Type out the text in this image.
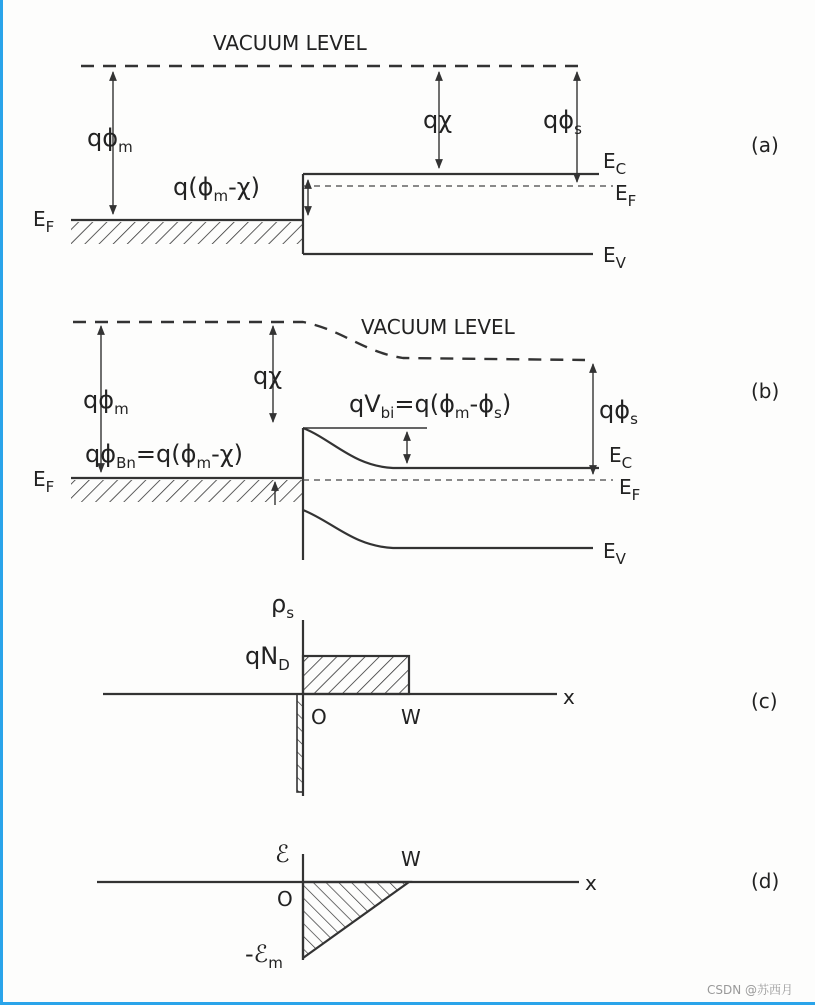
VACUUM LEVEL
$q\phi_m$
qχ	$q\phi_s$
$q(\phi_m-\chi)$
$E_F$
$E_C$
$E_F$
$E_V$
(a)
VACUUM LEVEL
$q\phi_m$
qχ
$qV_{bi}=q(\phi_m-\phi_s)$	$q\phi_s$
$q\phi_{Bn}=q(\phi_m-\chi)$
$E_F$
$E_C$
$E_F$
$E_V$
(b)
$\rho_s$
$qN_D$
O	W
x	(c)
ℰ
O
W
x
-ℰ$_m$
(d)
CSDN @苏西月
